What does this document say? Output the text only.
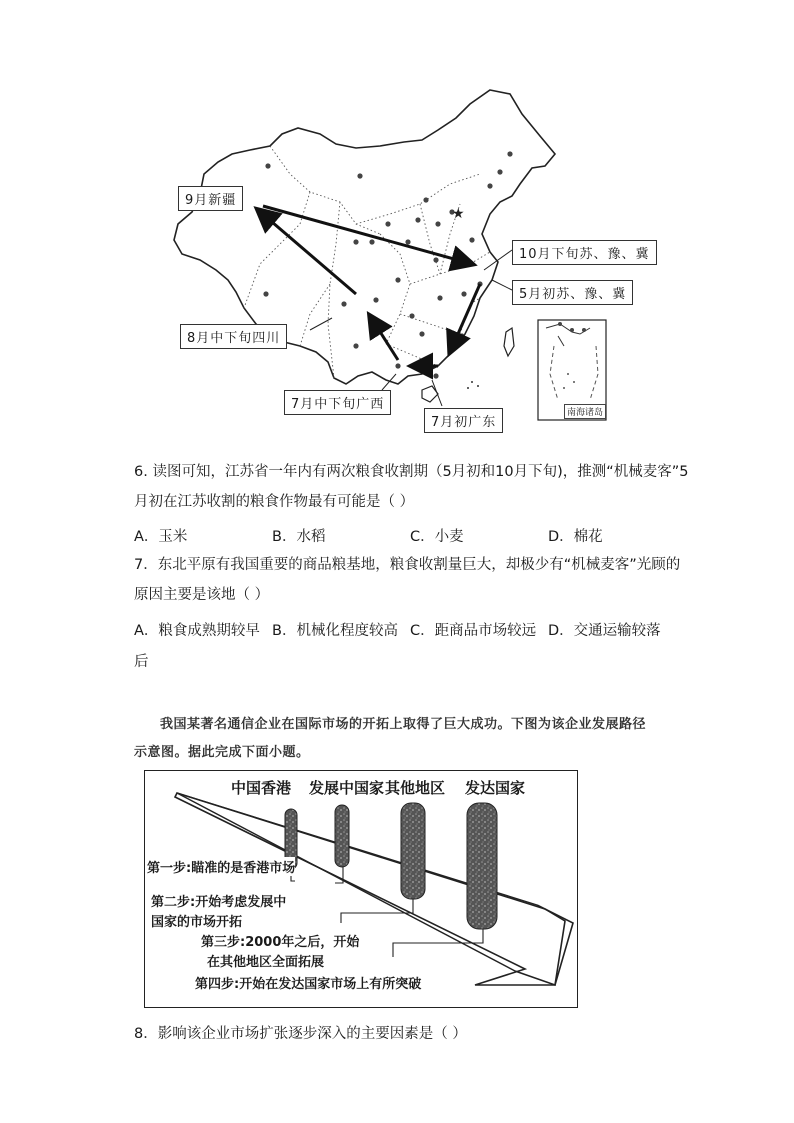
★
9月新疆
10月下旬苏、豫、冀
5月初苏、豫、冀
8月中下旬四川
7月中下旬广西
7月初广东
南海诸岛
6. 读图可知，江苏省一年内有两次粮食收割期（5月初和10月下旬)，推测“机械麦客”5
月初在江苏收割的粮食作物最有可能是（ ）
A．玉米	B．水稻	C．小麦	D．棉花
7．东北平原有我国重要的商品粮基地，粮食收割量巨大，却极少有“机械麦客”光顾的
原因主要是该地（ ）
A．粮食成熟期较早 B．机械化程度较高 C．距商品市场较远 D．交通运输较落
后
我国某著名通信企业在国际市场的开拓上取得了巨大成功。下图为该企业发展路径
示意图。据此完成下面小题。
中国香港 发展中国家 其他地区 发达国家
第一步:瞄准的是香港市场
第二步:开始考虑发展中
国家的市场开拓
第三步:2000年之后，开始
在其他地区全面拓展
第四步:开始在发达国家市场上有所突破
8．影响该企业市场扩张逐步深入的主要因素是（ ）
